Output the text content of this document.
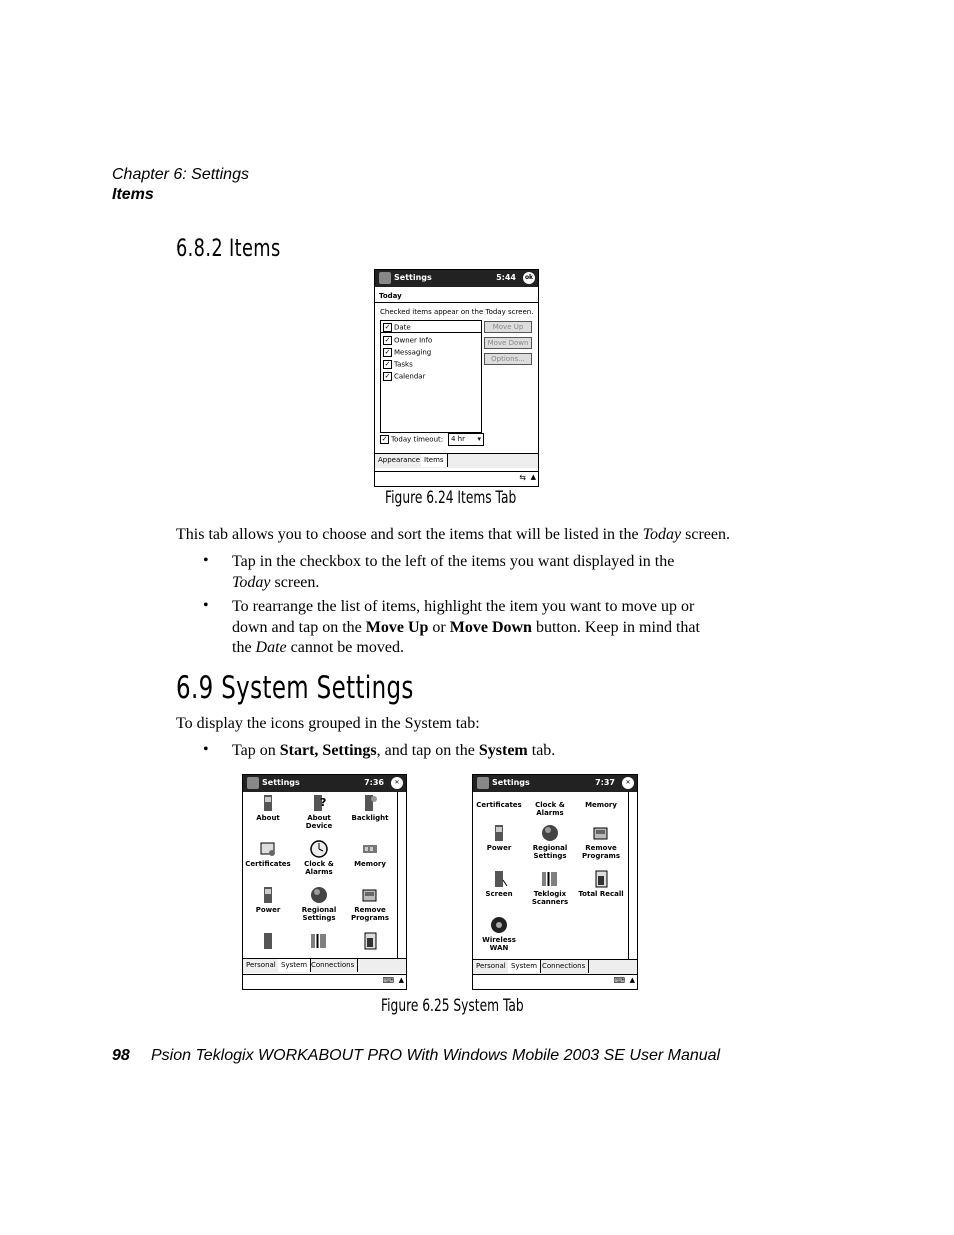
Chapter 6: Settings
Items
6.8.2 Items
Settings	5:44	ok
Today
Checked items appear on the Today screen.
✓ Date
✓ Owner Info
✓ Messaging
✓ Tasks
✓ Calendar
Move Up
Move Down
Options...
✓ Today timeout:	4 hr ▾
Appearance Items
⇆ ▲
Figure 6.24 Items Tab
This tab allows you to choose and sort the items that will be listed in the Today screen.
• Tap in the checkbox to the left of the items you want displayed in the
Today screen.
• To rearrange the list of items, highlight the item you want to move up or
down and tap on the Move Up or Move Down button. Keep in mind that
the Date cannot be moved.
6.9 System Settings
To display the icons grouped in the System tab:
• Tap on Start, Settings, and tap on the System tab.
Settings	7:36	✕
About
?
About Device
Backlight
Certificates	Clock & Alarms
Memory
Power	Regional Settings
Remove Programs
Personal System Connections
⌨ ▲
Settings	7:37	✕
Certificates	Clock & Alarms
Memory
Power	Regional Settings
Remove Programs
Screen	Teklogix Scanners
Total Recall
Wireless WAN
Personal System Connections
⌨ ▲
Figure 6.25 System Tab
98 Psion Teklogix WORKABOUT PRO With Windows Mobile 2003 SE User Manual
